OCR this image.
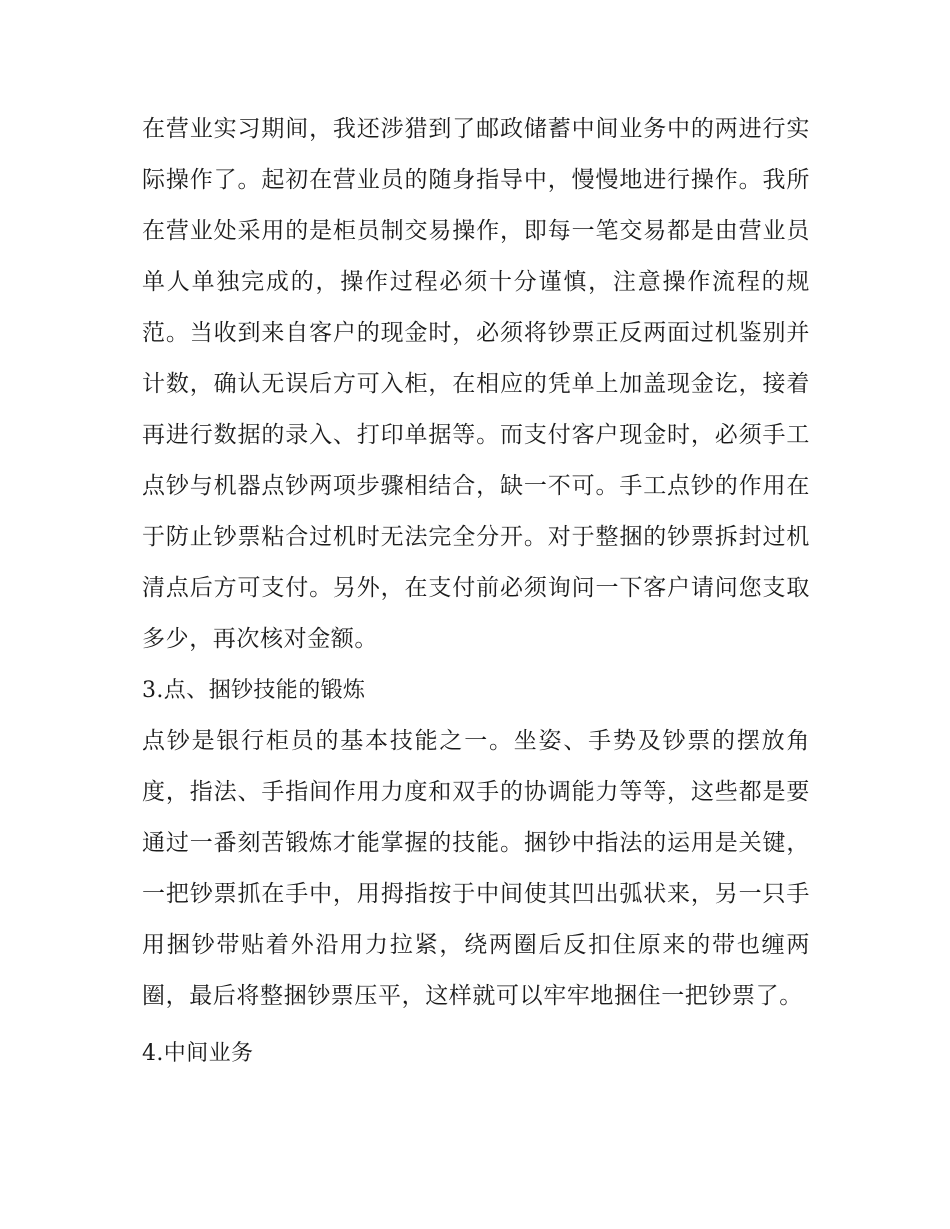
在营业实习期间，我还涉猎到了邮政储蓄中间业务中的两进行实际操作了。起初在营业员的随身指导中，慢慢地进行操作。我所在营业处采用的是柜员制交易操作，即每一笔交易都是由营业员单人单独完成的，操作过程必须十分谨慎，注意操作流程的规范。当收到来自客户的现金时，必须将钞票正反两面过机鉴别并计数，确认无误后方可入柜，在相应的凭单上加盖现金讫，接着再进行数据的录入、打印单据等。而支付客户现金时，必须手工点钞与机器点钞两项步骤相结合，缺一不可。手工点钞的作用在于防止钞票粘合过机时无法完全分开。对于整捆的钞票拆封过机清点后方可支付。另外，在支付前必须询问一下客户请问您支取多少，再次核对金额。

3.点、捆钞技能的锻炼

点钞是银行柜员的基本技能之一。坐姿、手势及钞票的摆放角度，指法、手指间作用力度和双手的协调能力等等，这些都是要通过一番刻苦锻炼才能掌握的技能。捆钞中指法的运用是关键，一把钞票抓在手中，用拇指按于中间使其凹出弧状来，另一只手用捆钞带贴着外沿用力拉紧，绕两圈后反扣住原来的带也缠两圈，最后将整捆钞票压平，这样就可以牢牢地捆住一把钞票了。

4.中间业务
